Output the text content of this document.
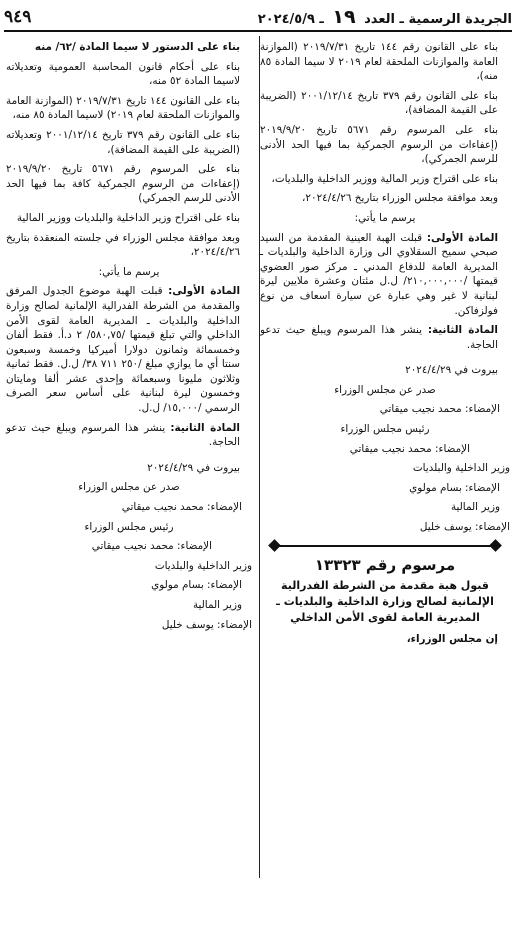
الجريدة الرسمية ـ العدد ١٩ ـ ٢٠٢٤/٥/٩
٩٤٩

بناء على القانون رقم ١٤٤ تاريخ ٢٠١٩/٧/٣١ (الموازنة العامة والموازنات الملحقة لعام ٢٠١٩ لا سيما المادة ٨٥ منه)،

بناء على القانون رقم ٣٧٩ تاريخ ٢٠٠١/١٢/١٤ (الضريبة على القيمة المضافة)،

بناء على المرسوم رقم ٥٦٧١ تاريخ ٢٠١٩/٩/٢٠ (إعفاءات من الرسوم الجمركية بما فيها الحد الأدنى للرسم الجمركي)،

بناء على اقتراح وزير المالية ووزير الداخلية والبلديات،

وبعد موافقة مجلس الوزراء بتاريخ ٢٠٢٤/٤/٢٦،

يرسم ما يأتي:

المادة الأولى: قبلت الهبة العينية المقدمة من السيد صبحي سميح السقلاوي الى وزارة الداخلية والبلديات ـ المديرية العامة للدفاع المدني ـ مركز صور العضوي قيمتها /٢١٠,٠٠٠,٠٠٠/ ل.ل مئتان وعشرة ملايين ليرة لبنانية لا غير وهي عبارة عن سيارة اسعاف من نوع فولزفاكن.

المادة الثانية: ينشر هذا المرسوم ويبلغ حيث تدعو الحاجة.

بيروت في ٢٠٢٤/٤/٢٩

صدر عن مجلس الوزراء

الإمضاء: محمد نجيب ميقاتي

رئيس مجلس الوزراء

الإمضاء: محمد نجيب ميقاتي

وزير الداخلية والبلديات

الإمضاء: بسام مولوي

وزير المالية

الإمضاء: يوسف خليل

مرسوم رقم ١٣٣٢٣
قبول هبة مقدمة من الشرطة الفدرالية الإلمانية لصالح وزارة الداخلية والبلديات ـ المديرية العامة لقوى الأمن الداخلي

إن مجلس الوزراء،

بناء على الدستور لا سيما المادة /٦٢/ منه

بناء على أحكام قانون المحاسبة العمومية وتعديلاته لاسيما المادة ٥٢ منه،

بناء على القانون ١٤٤ تاريخ ٢٠١٩/٧/٣١ (الموازنة العامة والموازنات الملحقة لعام ٢٠١٩) لاسيما المادة ٨٥ منه،

بناء على القانون رقم ٣٧٩ تاريخ ٢٠٠١/١٢/١٤ وتعديلاته (الضريبة على القيمة المضافة)،

بناء على المرسوم رقم ٥٦٧١ تاريخ ٢٠١٩/٩/٢٠ (إعفاءات من الرسوم الجمركية كافة بما فيها الحد الأدنى للرسم الجمركي)

بناء على اقتراح وزير الداخلية والبلديات ووزير المالية

وبعد موافقة مجلس الوزراء في جلسته المنعقدة بتاريخ ٢٠٢٤/٤/٢٦،

يرسم ما يأتي:

المادة الأولى: قبلت الهبة موضوع الجدول المرفق والمقدمة من الشرطة الفدرالية الإلمانية لصالح وزارة الداخلية والبلديات ـ المديرية العامة لقوى الأمن الداخلي والتي تبلغ قيمتها /٥٨٠,٧٥/ ٢ د.أ. فقط ألفان وخمسمائة وثمانون دولارا أميركيا وخمسة وسبعون سنتا أي ما يوازي مبلغ /٢٥٠ ٧١١ ٣٨/ ل.ل. فقط ثمانية وثلاثون مليونا وسبعمائة وإحدى عشر ألفا ومايتان وخمسون ليرة لبنانية على أساس سعر الصرف الرسمي /١٥,٠٠٠/ ل.ل.

المادة الثانية: ينشر هذا المرسوم ويبلغ حيث تدعو الحاجة.

بيروت في ٢٠٢٤/٤/٢٩

صدر عن مجلس الوزراء

الإمضاء: محمد نجيب ميقاتي

رئيس مجلس الوزراء

الإمضاء: محمد نجيب ميقاتي

وزير الداخلية والبلديات

الإمضاء: بسام مولوي

وزير المالية

الإمضاء: يوسف خليل
